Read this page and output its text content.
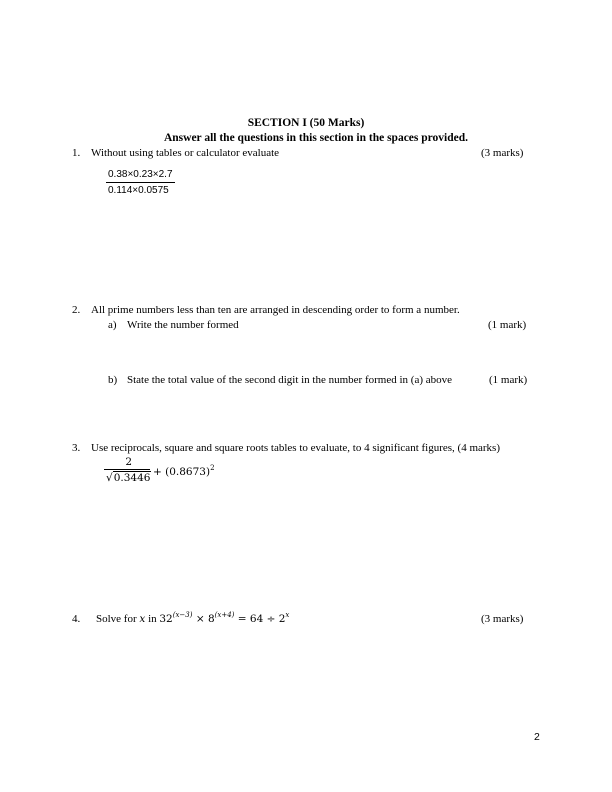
SECTION I (50 Marks)
Answer all the questions in this section in the spaces provided.
1. Without using tables or calculator evaluate	(3 marks)
0.38×0.23×2.7
0.114×0.0575
2. All prime numbers less than ten are arranged in descending order to form a number.
a) Write the number formed	(1 mark)
b) State the total value of the second digit in the number formed in (a) above	(1 mark)
3. Use reciprocals, square and square roots tables to evaluate, to 4 significant figures, (4 marks)
2
$√0.3446 + (0.8673)^2$
4. Solve for x in $32^{(x-3)} \times 8^{(x+4)} = 64 \div 2^x$	(3 marks)
2
